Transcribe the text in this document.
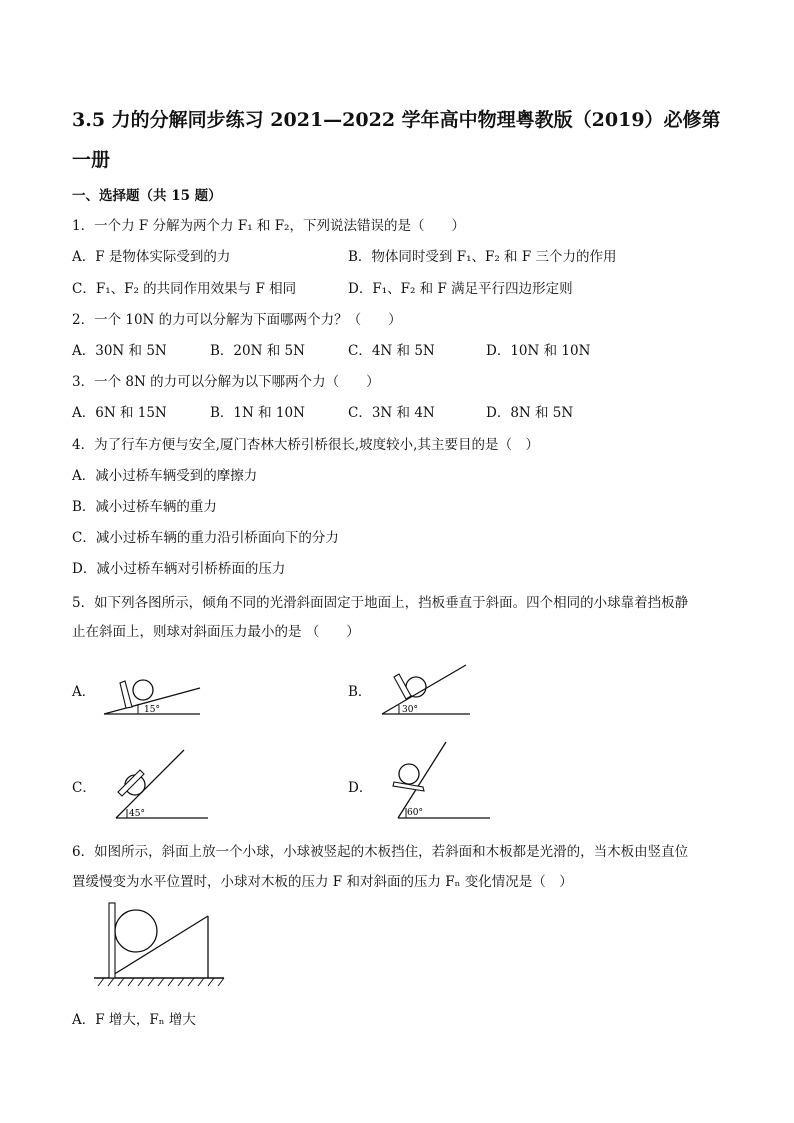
3.5 力的分解同步练习 2021—2022 学年高中物理粤教版（2019）必修第一册
一、选择题（共 15 题）
1．一个力 F 分解为两个力 F₁ 和 F₂，下列说法错误的是（　　）
A．F 是物体实际受到的力	B．物体同时受到 F₁、F₂ 和 F 三个力的作用
C．F₁、F₂ 的共同作用效果与 F 相同	D．F₁、F₂ 和 F 满足平行四边形定则
2．一个 10N 的力可以分解为下面哪两个力？（　　）
A．30N 和 5N	B．20N 和 5N	C．4N 和 5N	D．10N 和 10N
3．一个 8N 的力可以分解为以下哪两个力（　　）
A．6N 和 15N	B．1N 和 10N	C．3N 和 4N	D．8N 和 5N
4．为了行车方便与安全,厦门杏林大桥引桥很长,坡度较小,其主要目的是（　）
A．减小过桥车辆受到的摩擦力
B．减小过桥车辆的重力
C．减小过桥车辆的重力沿引桥面向下的分力
D．减小过桥车辆对引桥桥面的压力
5．如下列各图所示，倾角不同的光滑斜面固定于地面上，挡板垂直于斜面。四个相同的小球靠着挡板静
止在斜面上，则球对斜面压力最小的是 （　　）
A．
15°
B．
30°
C．
45°
D．
60°
6．如图所示，斜面上放一个小球，小球被竖起的木板挡住，若斜面和木板都是光滑的，当木板由竖直位
置缓慢变为水平位置时，小球对木板的压力 F 和对斜面的压力 Fₙ 变化情况是（　）
A．F 增大，Fₙ 增大
